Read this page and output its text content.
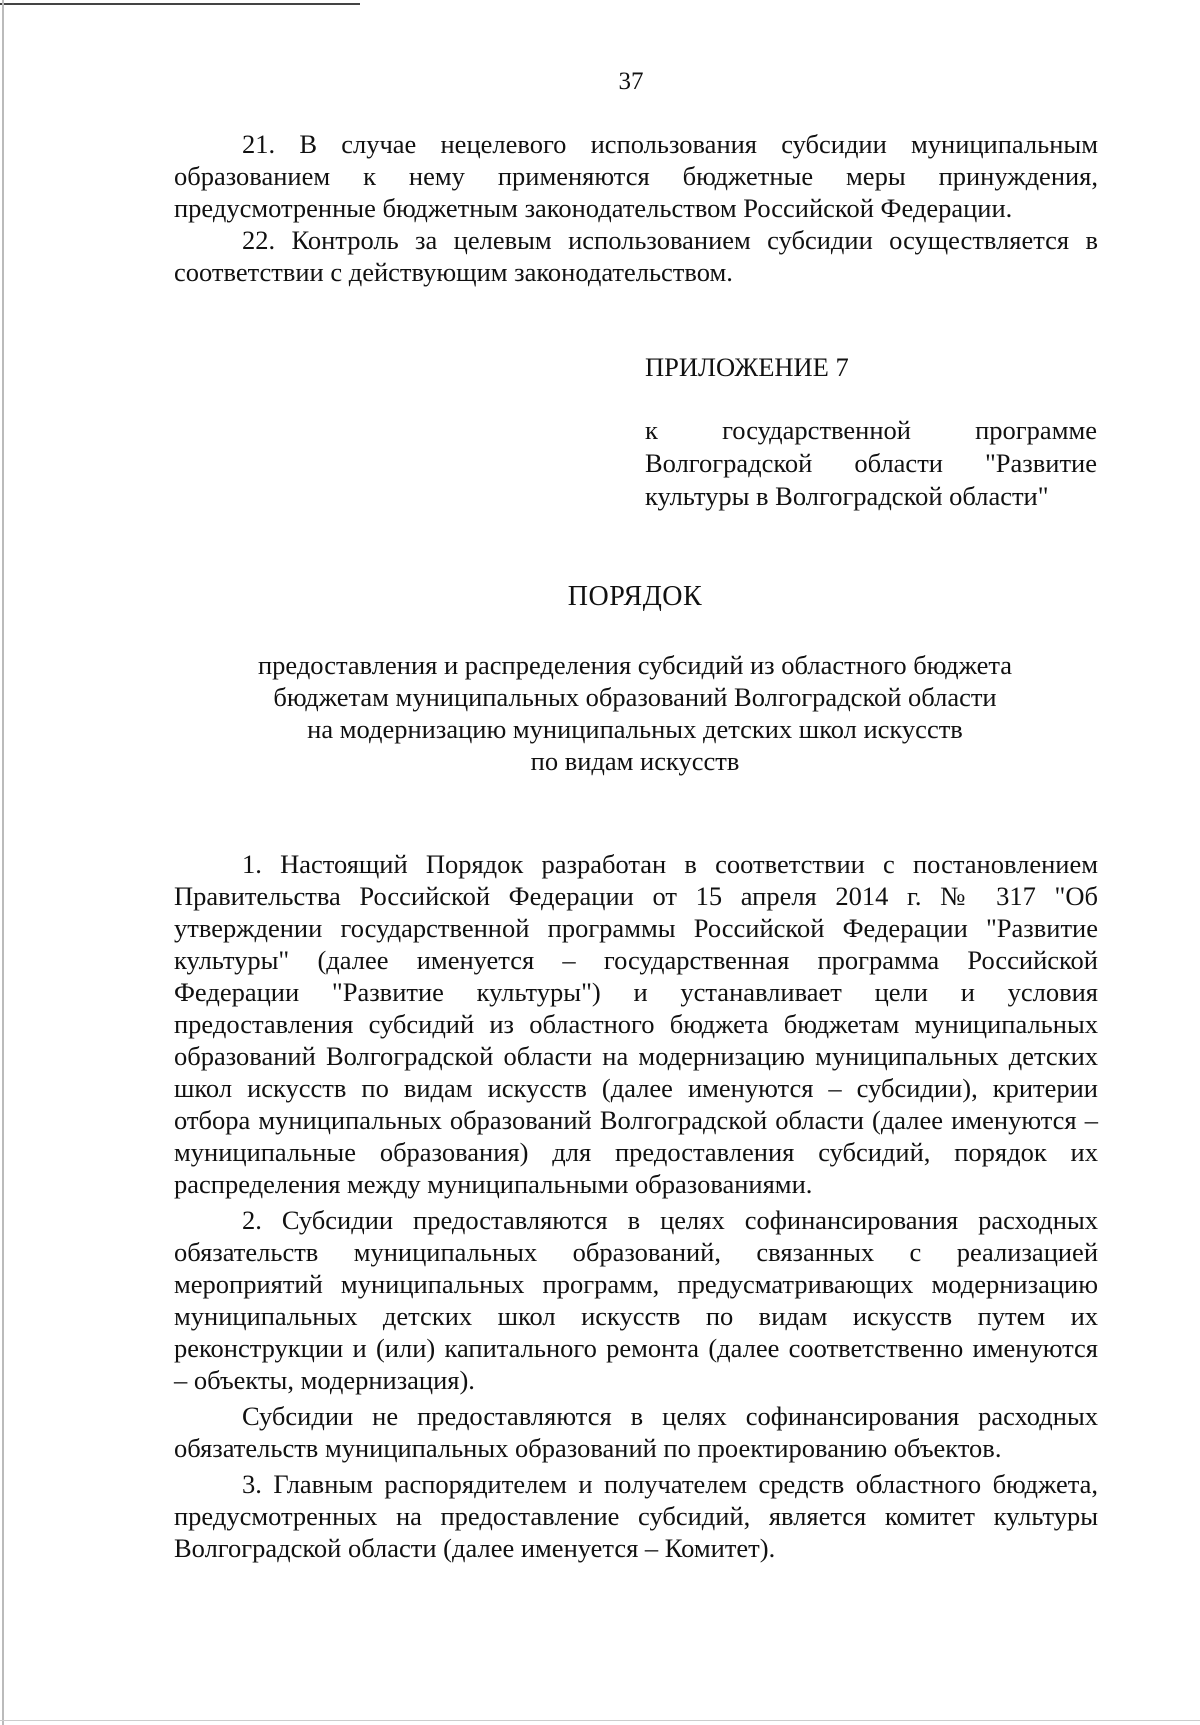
37

21. В случае нецелевого использования субсидии муниципальным образованием к нему применяются бюджетные меры принуждения, предусмотренные бюджетным законодательством Российской Федерации.

22. Контроль за целевым использованием субсидии осуществляется в соответствии с действующим законодательством.

ПРИЛОЖЕНИЕ 7
к государственной программе Волгоградской области "Развитие культуры в Волгоградской области"
ПОРЯДОК
предоставления и распределения субсидий из областного бюджета
бюджетам муниципальных образований Волгоградской области
на модернизацию муниципальных детских школ искусств
по видам искусств

1. Настоящий Порядок разработан в соответствии с постановлением Правительства Российской Федерации от 15 апреля 2014 г. № 317 "Об утверждении государственной программы Российской Федерации "Развитие культуры" (далее именуется – государственная программа Российской Федерации "Развитие культуры") и устанавливает цели и условия предоставления субсидий из областного бюджета бюджетам муниципальных образований Волгоградской области на модернизацию муниципальных детских школ искусств по видам искусств (далее именуются – субсидии), критерии отбора муниципальных образований Волгоградской области (далее именуются – муниципальные образования) для предоставления субсидий, порядок их распределения между муниципальными образованиями.

2. Субсидии предоставляются в целях софинансирования расходных обязательств муниципальных образований, связанных с реализацией мероприятий муниципальных программ, предусматривающих модернизацию муниципальных детских школ искусств по видам искусств путем их реконструкции и (или) капитального ремонта (далее соответственно именуются – объекты, модернизация).

Субсидии не предоставляются в целях софинансирования расходных обязательств муниципальных образований по проектированию объектов.

3. Главным распорядителем и получателем средств областного бюджета, предусмотренных на предоставление субсидий, является комитет культуры Волгоградской области (далее именуется – Комитет).
